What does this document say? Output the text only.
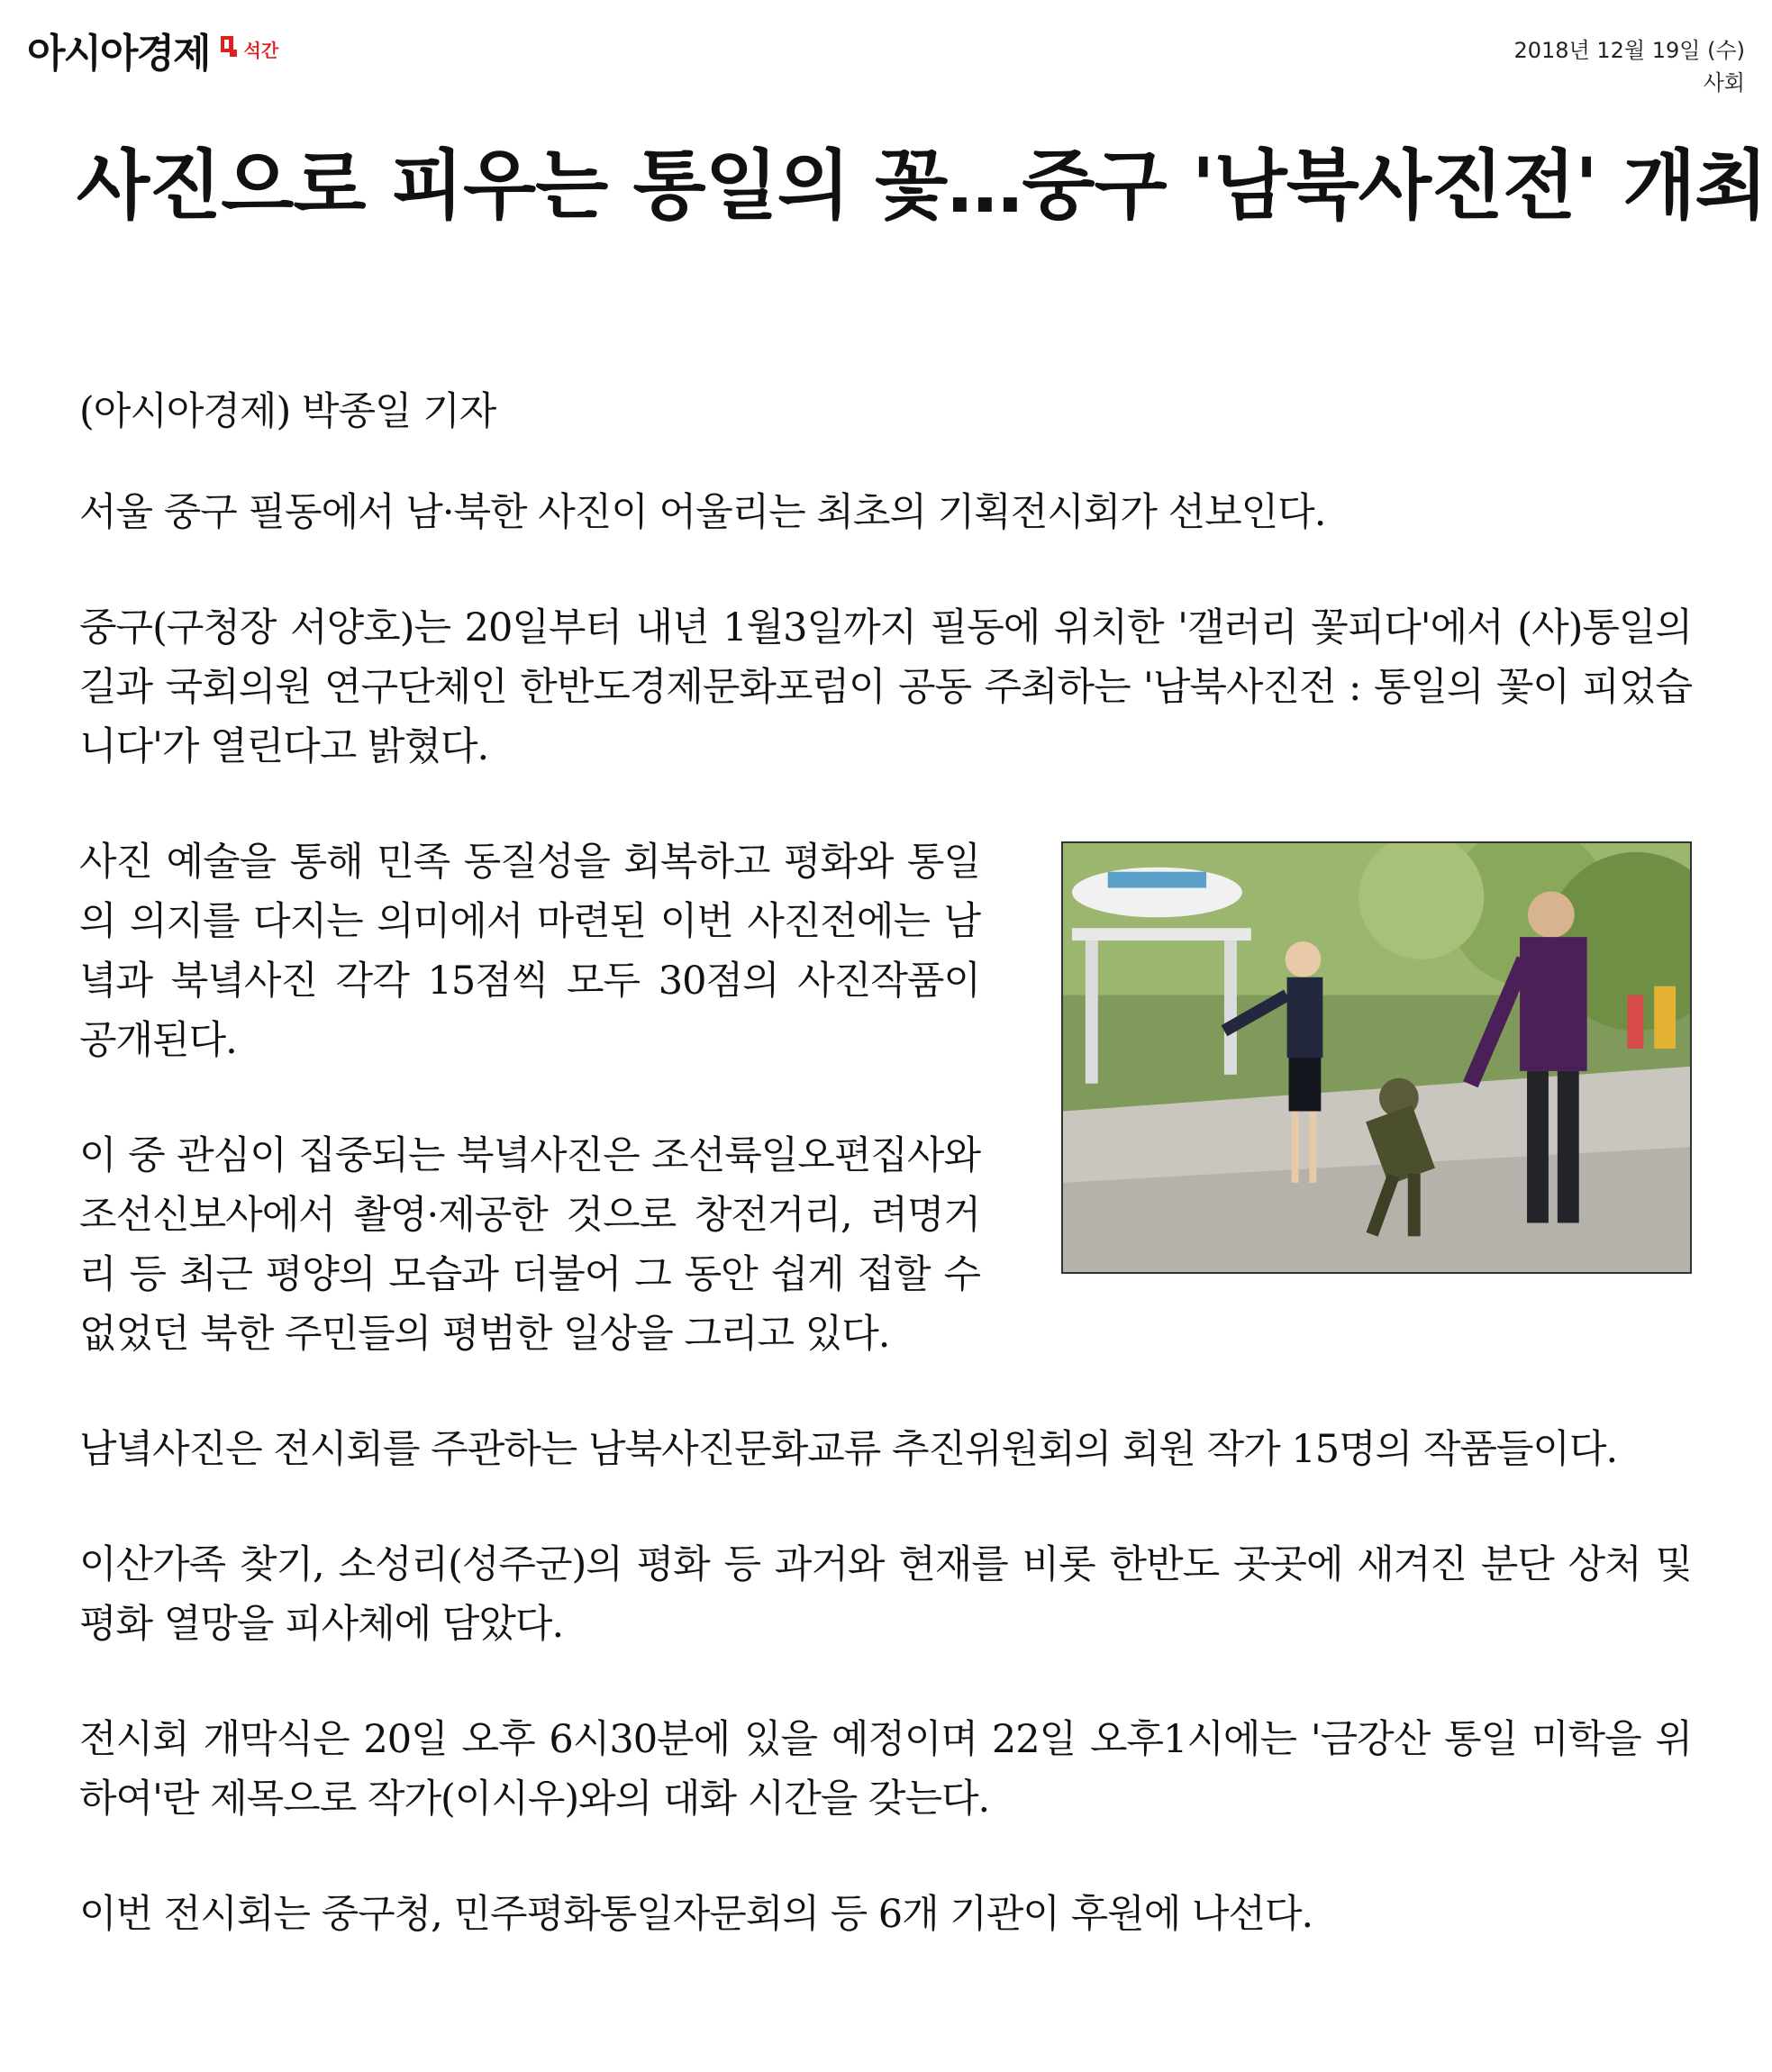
아시아경제 석간	2018년 12월 19일 (수)
사회
사진으로 피우는 통일의 꽃…중구 '남북사진전' 개최
(아시아경제) 박종일 기자

서울 중구 필동에서 남·북한 사진이 어울리는 최초의 기획전시회가 선보인다.

중구(구청장 서양호)는 20일부터 내년 1월3일까지 필동에 위치한 '갤러리 꽃피다'에서 (사)통일의 길과 국회의원 연구단체인 한반도경제문화포럼이 공동 주최하는 '남북사진전 : 통일의 꽃이 피었습니다'가 열린다고 밝혔다.

사진 예술을 통해 민족 동질성을 회복하고 평화와 통일의 의지를 다지는 의미에서 마련된 이번 사진전에는 남녘과 북녘사진 각각 15점씩 모두 30점의 사진작품이 공개된다.

이 중 관심이 집중되는 북녘사진은 조선륙일오편집사와 조선신보사에서 촬영·제공한 것으로 창전거리, 려명거리 등 최근 평양의 모습과 더불어 그 동안 쉽게 접할 수 없었던 북한 주민들의 평범한 일상을 그리고 있다.

남녘사진은 전시회를 주관하는 남북사진문화교류 추진위원회의 회원 작가 15명의 작품들이다.

이산가족 찾기, 소성리(성주군)의 평화 등 과거와 현재를 비롯 한반도 곳곳에 새겨진 분단 상처 및 평화 열망을 피사체에 담았다.

전시회 개막식은 20일 오후 6시30분에 있을 예정이며 22일 오후1시에는 '금강산 통일 미학을 위하여'란 제목으로 작가(이시우)와의 대화 시간을 갖는다.

이번 전시회는 중구청, 민주평화통일자문회의 등 6개 기관이 후원에 나선다.
